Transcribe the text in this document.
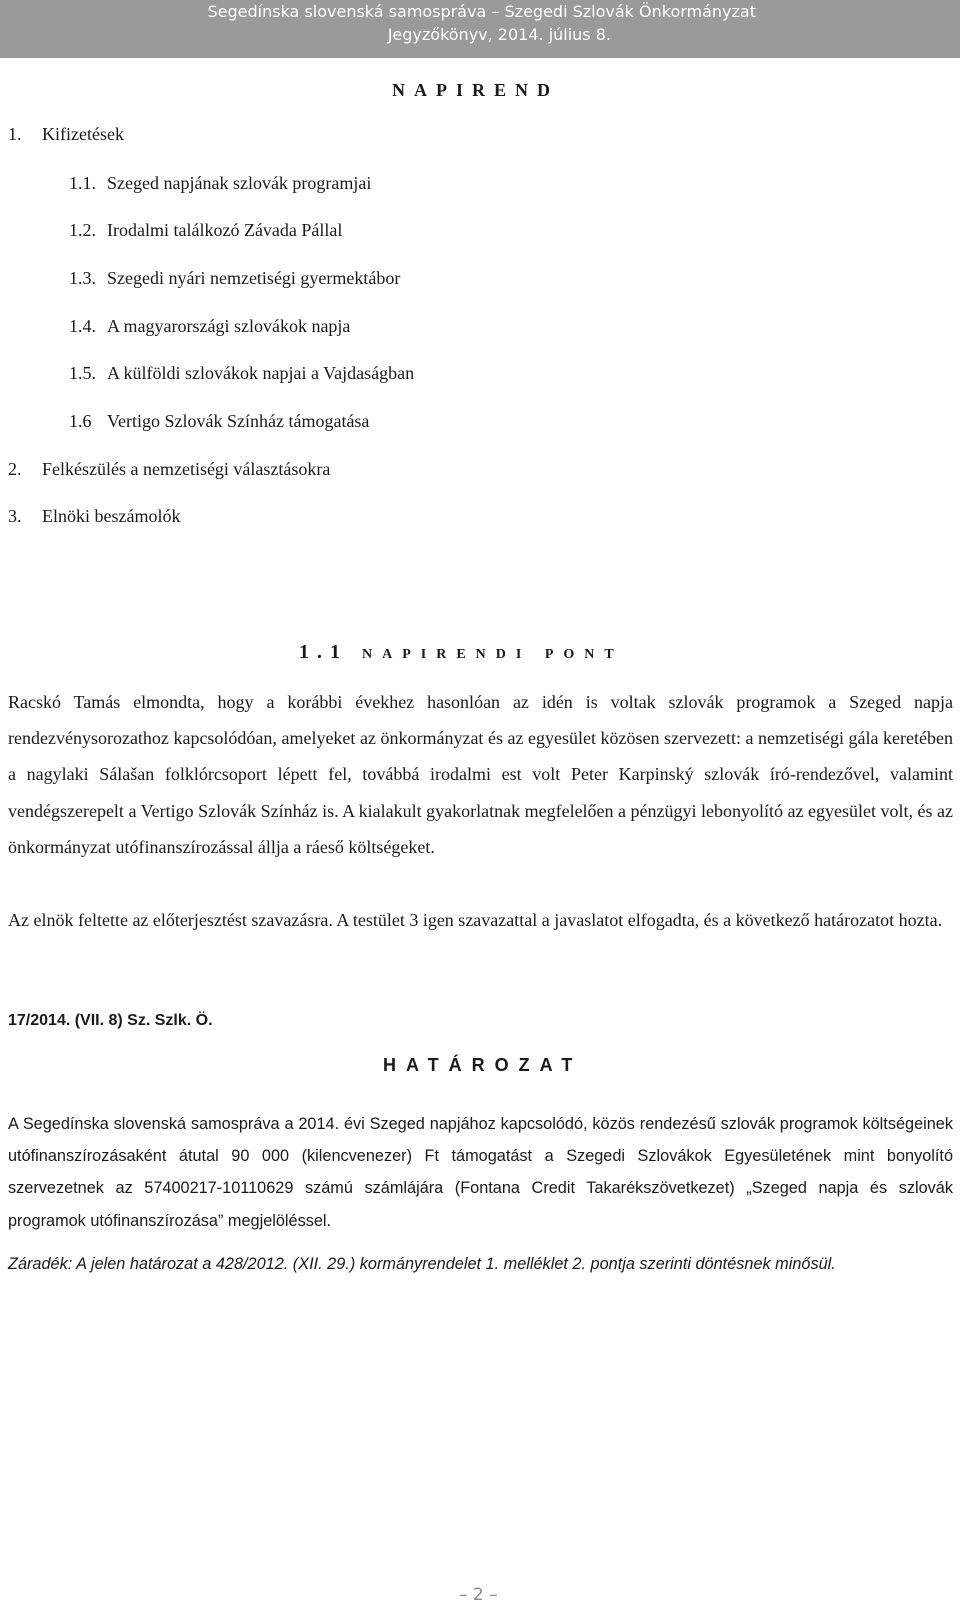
Segedínska slovenská samospráva – Szegedi Szlovák Önkormányzat
Jegyzőkönyv, 2014. július 8.
NAPIREND
1. Kifizetések
1.1. Szeged napjának szlovák programjai
1.2. Irodalmi találkozó Závada Pállal
1.3. Szegedi nyári nemzetiségi gyermektábor
1.4. A magyarországi szlovákok napja
1.5. A külföldi szlovákok napjai a Vajdaságban
1.6 Vertigo Szlovák Színház támogatása
2. Felkészülés a nemzetiségi választásokra
3. Elnöki beszámolók
1.1 NAPIRENDI PONT
Racskó Tamás elmondta, hogy a korábbi évekhez hasonlóan az idén is voltak szlovák programok a Szeged napja rendezvénysorozathoz kapcsolódóan, amelyeket az önkormányzat és az egyesület közösen szervezett: a nemzetiségi gála keretében a nagylaki Sálašan folklórcsoport lépett fel, továbbá irodalmi est volt Peter Karpinský szlovák író-rendezővel, valamint vendégszerepelt a Vertigo Szlovák Színház is. A kialakult gyakorlatnak megfelelően a pénzügyi lebonyolító az egyesület volt, és az önkormányzat utófinanszírozással állja a ráeső költségeket.
Az elnök feltette az előterjesztést szavazásra. A testület 3 igen szavazattal a javaslatot elfogadta, és a következő határozatot hozta.
17/2014. (VII. 8) Sz. Szlk. Ö.
HATÁROZAT
A Segedínska slovenská samospráva a 2014. évi Szeged napjához kapcsolódó, közös rendezésű szlovák programok költségeinek utófinanszírozásaként átutal 90 000 (kilencvenezer) Ft támogatást a Szegedi Szlovákok Egyesületének mint bonyolító szervezetnek az 57400217-10110629 számú számlájára (Fontana Credit Takarékszövetkezet) „Szeged napja és szlovák programok utófinanszírozása” megjelöléssel.
Záradék: A jelen határozat a 428/2012. (XII. 29.) kormányrendelet 1. melléklet 2. pontja szerinti döntésnek minősül.
– 2 –
